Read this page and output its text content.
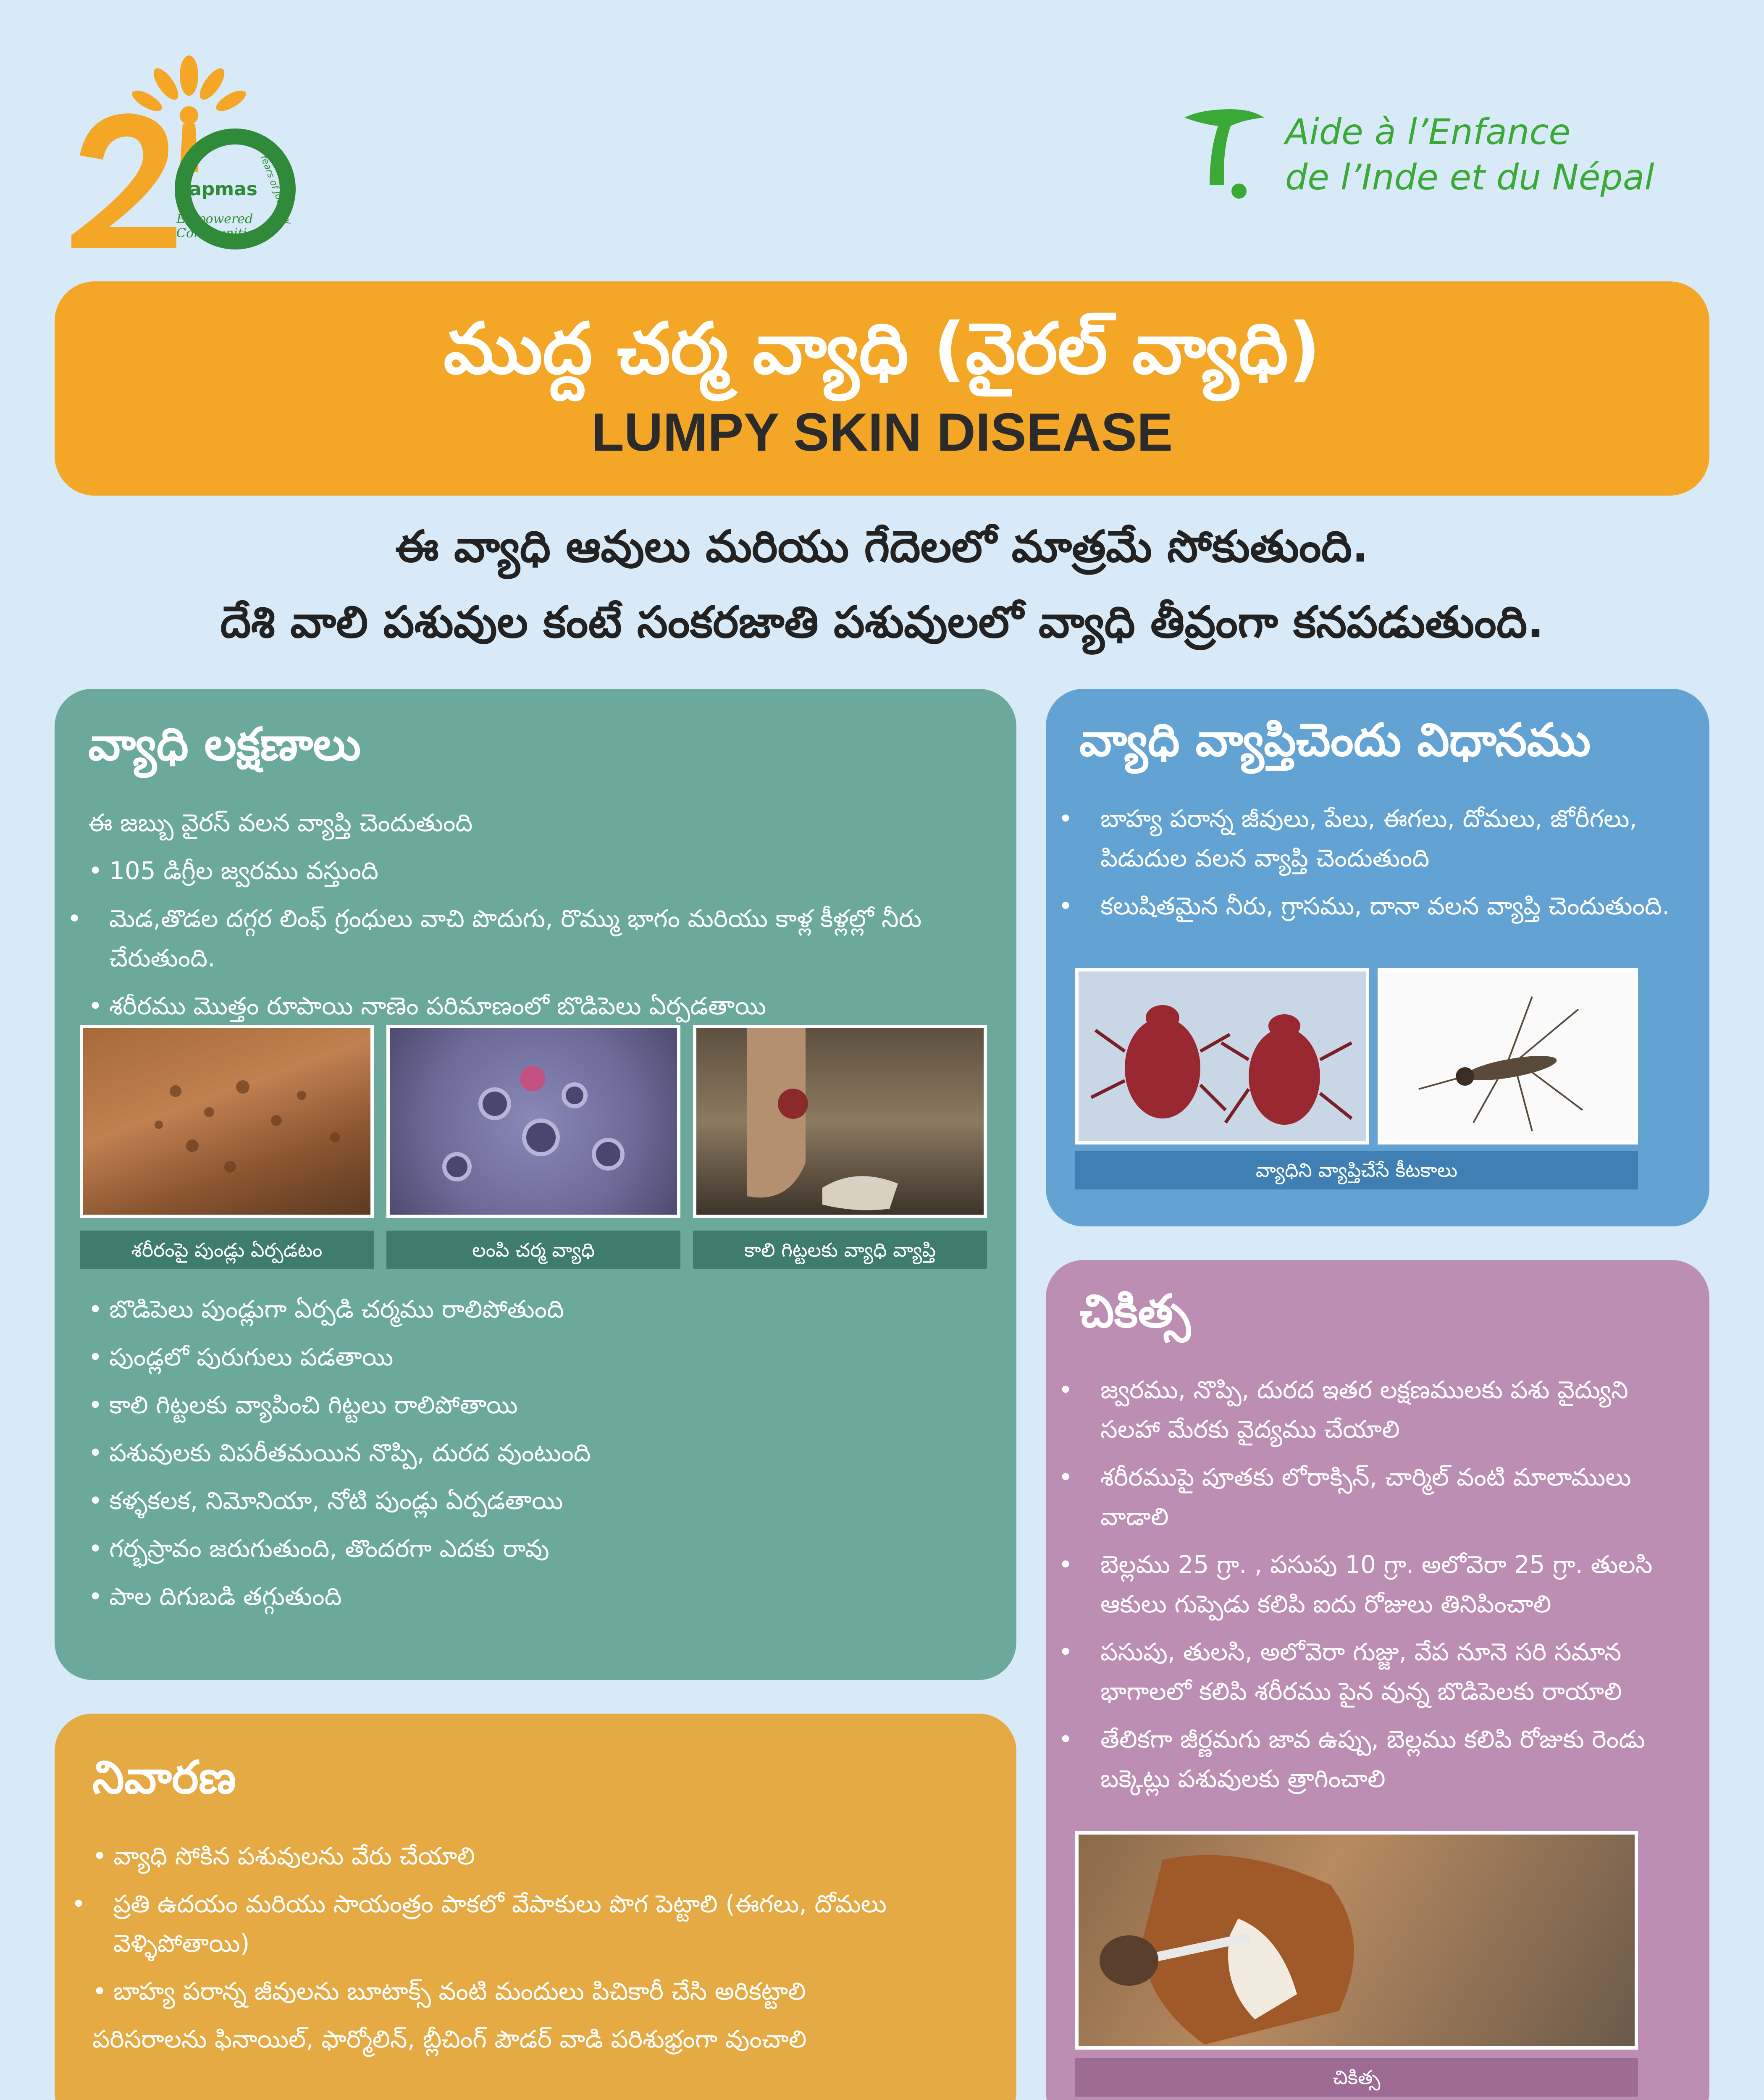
apmas Years of Journey
Empowered Communities
Aide à l’Enfance
de l’Inde et du Népal
ముద్ద చర్మ వ్యాధి (వైరల్ వ్యాధి)
LUMPY SKIN DISEASE
ఈ వ్యాధి ఆవులు మరియు గేదెలలో మాత్రమే సోకుతుంది.
దేశి వాలి పశువుల కంటే సంకరజాతి పశువులలో వ్యాధి తీవ్రంగా కనపడుతుంది.
వ్యాధి లక్షణాలు
ఈ జబ్బు వైరస్ వలన వ్యాప్తి చెందుతుంది
• 105 డిగ్రీల జ్వరము వస్తుంది
• మెడ,తొడల దగ్గర లింఫ్ గ్రంధులు వాచి పొదుగు, రొమ్ము భాగం మరియు కాళ్ల కీళ్లల్లో నీరు చేరుతుంది.
• శరీరము మొత్తం రూపాయి నాణెం పరిమాణంలో బొడిపెలు ఏర్పడతాయి
శరీరంపై పుండ్లు ఏర్పడటం	లంపి చర్మ వ్యాధి	కాలి గిట్టలకు వ్యాధి వ్యాప్తి
• బొడిపెలు పుండ్లుగా ఏర్పడి చర్మము రాలిపోతుంది
• పుండ్లలో పురుగులు పడతాయి
• కాలి గిట్టలకు వ్యాపించి గిట్టలు రాలిపోతాయి
• పశువులకు విపరీతమయిన నొప్పి, దురద వుంటుంది
• కళ్ళకలక, నిమోనియా, నోటి పుండ్లు ఏర్పడతాయి
• గర్భస్రావం జరుగుతుంది, తొందరగా ఎదకు రావు
• పాల దిగుబడి తగ్గుతుంది
వ్యాధి వ్యాప్తిచెందు విధానము
• బాహ్య పరాన్న జీవులు, పేలు, ఈగలు, దోమలు, జోరీగలు, పిడుదుల వలన వ్యాప్తి చెందుతుంది
• కలుషితమైన నీరు, గ్రాసము, దానా వలన వ్యాప్తి చెందుతుంది.
వ్యాధిని వ్యాప్తిచేసే కీటకాలు
చికిత్స
• జ్వరము, నొప్పి, దురద ఇతర లక్షణములకు పశు వైద్యుని సలహా మేరకు వైద్యము చేయాలి
• శరీరముపై పూతకు లోరాక్సిన్, చార్మిల్ వంటి మాలాములు వాడాలి
• బెల్లము 25 గ్రా. , పసుపు 10 గ్రా. అలోవెరా 25 గ్రా. తులసి ఆకులు గుప్పెడు కలిపి ఐదు రోజులు తినిపించాలి
• పసుపు, తులసి, అలోవెరా గుజ్జు, వేప నూనె సరి సమాన భాగాలలో కలిపి శరీరము పైన వున్న బొడిపెలకు రాయాలి
• తేలికగా జీర్ణమగు జావ ఉప్పు, బెల్లము కలిపి రోజుకు రెండు బక్కెట్లు పశువులకు త్రాగించాలి
చికిత్స
నివారణ
• వ్యాధి సోకిన పశువులను వేరు చేయాలి
• ప్రతి ఉదయం మరియు సాయంత్రం పాకలో వేపాకులు పొగ పెట్టాలి (ఈగలు, దోమలు వెళ్ళిపోతాయి)
• బాహ్య పరాన్న జీవులను బూటాక్స్ వంటి మందులు పిచికారీ చేసి అరికట్టాలి
పరిసరాలను ఫినాయిల్, ఫార్మోలిన్, బ్లీచింగ్ పౌడర్ వాడి పరిశుభ్రంగా వుంచాలి
